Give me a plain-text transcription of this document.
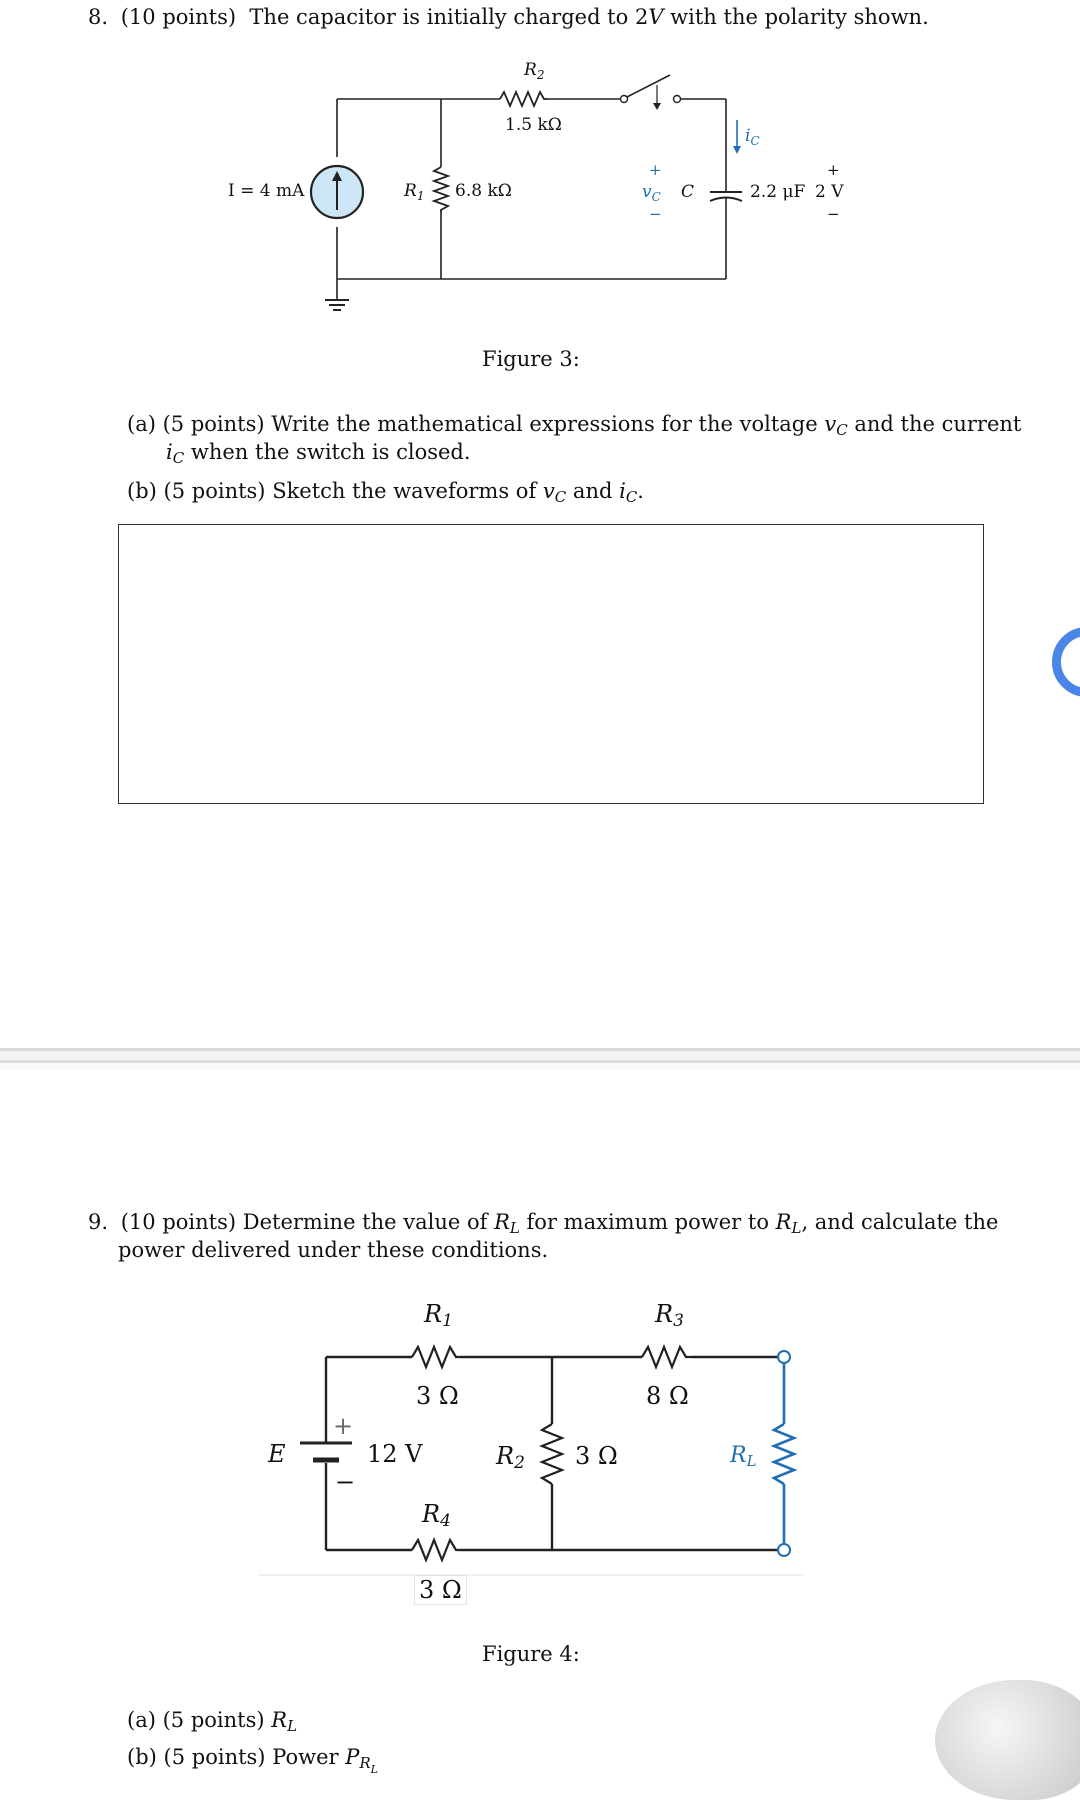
8. (10 points) The capacitor is initially charged to 2V with the polarity shown.
I = 4 mA	$R_1$ 6.8 kΩ
$R_2$
1.5 kΩ
$i_C$
+
$v_C$
−
C	2.2 μF
+
2 V
−
Figure 3:
(a) (5 points) Write the mathematical expressions for the voltage $v_C$ and the current
$i_C$ when the switch is closed.
(b) (5 points) Sketch the waveforms of $v_C$ and $i_C$.
9. (10 points) Determine the value of $R_L$ for maximum power to $R_L$, and calculate the
power delivered under these conditions.
$R_1$
3 Ω
$R_3$
8 Ω
+
E	12 V
−
$R_2$ 3 Ω	$R_L$
$R_4$
3 Ω
Figure 4:
(a) (5 points) $R_L$
(b) (5 points) Power $P_{RL}$
